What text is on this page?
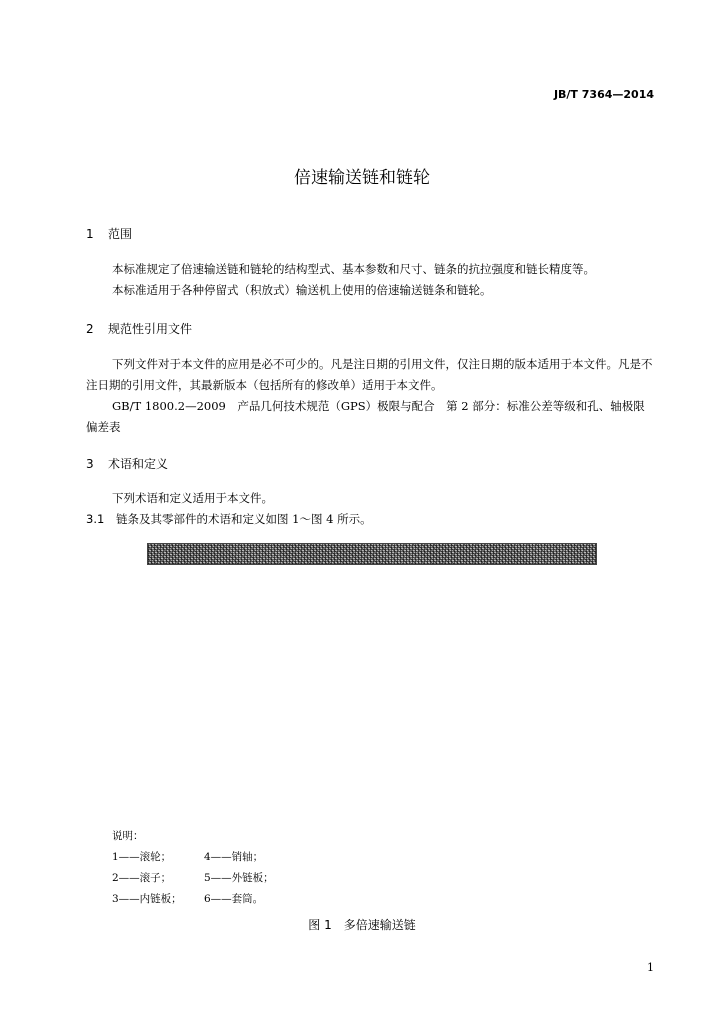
JB/T 7364—2014
倍速输送链和链轮
1 范围
本标准规定了倍速输送链和链轮的结构型式、基本参数和尺寸、链条的抗拉强度和链长精度等。
本标准适用于各种停留式（积放式）输送机上使用的倍速输送链条和链轮。
2 规范性引用文件
下列文件对于本文件的应用是必不可少的。凡是注日期的引用文件，仅注日期的版本适用于本文件。凡是不注日期的引用文件，其最新版本（包括所有的修改单）适用于本文件。
GB/T 1800.2—2009　产品几何技术规范（GPS）极限与配合　第 2 部分：标准公差等级和孔、轴极限偏差表
3 术语和定义
下列术语和定义适用于本文件。
3.1 链条及其零部件的术语和定义如图 1～图 4 所示。
说明：
1——滚轮；	4——销轴；
2——滚子；	5——外链板；
3——内链板；	6——套筒。
图 1　多倍速输送链
1
